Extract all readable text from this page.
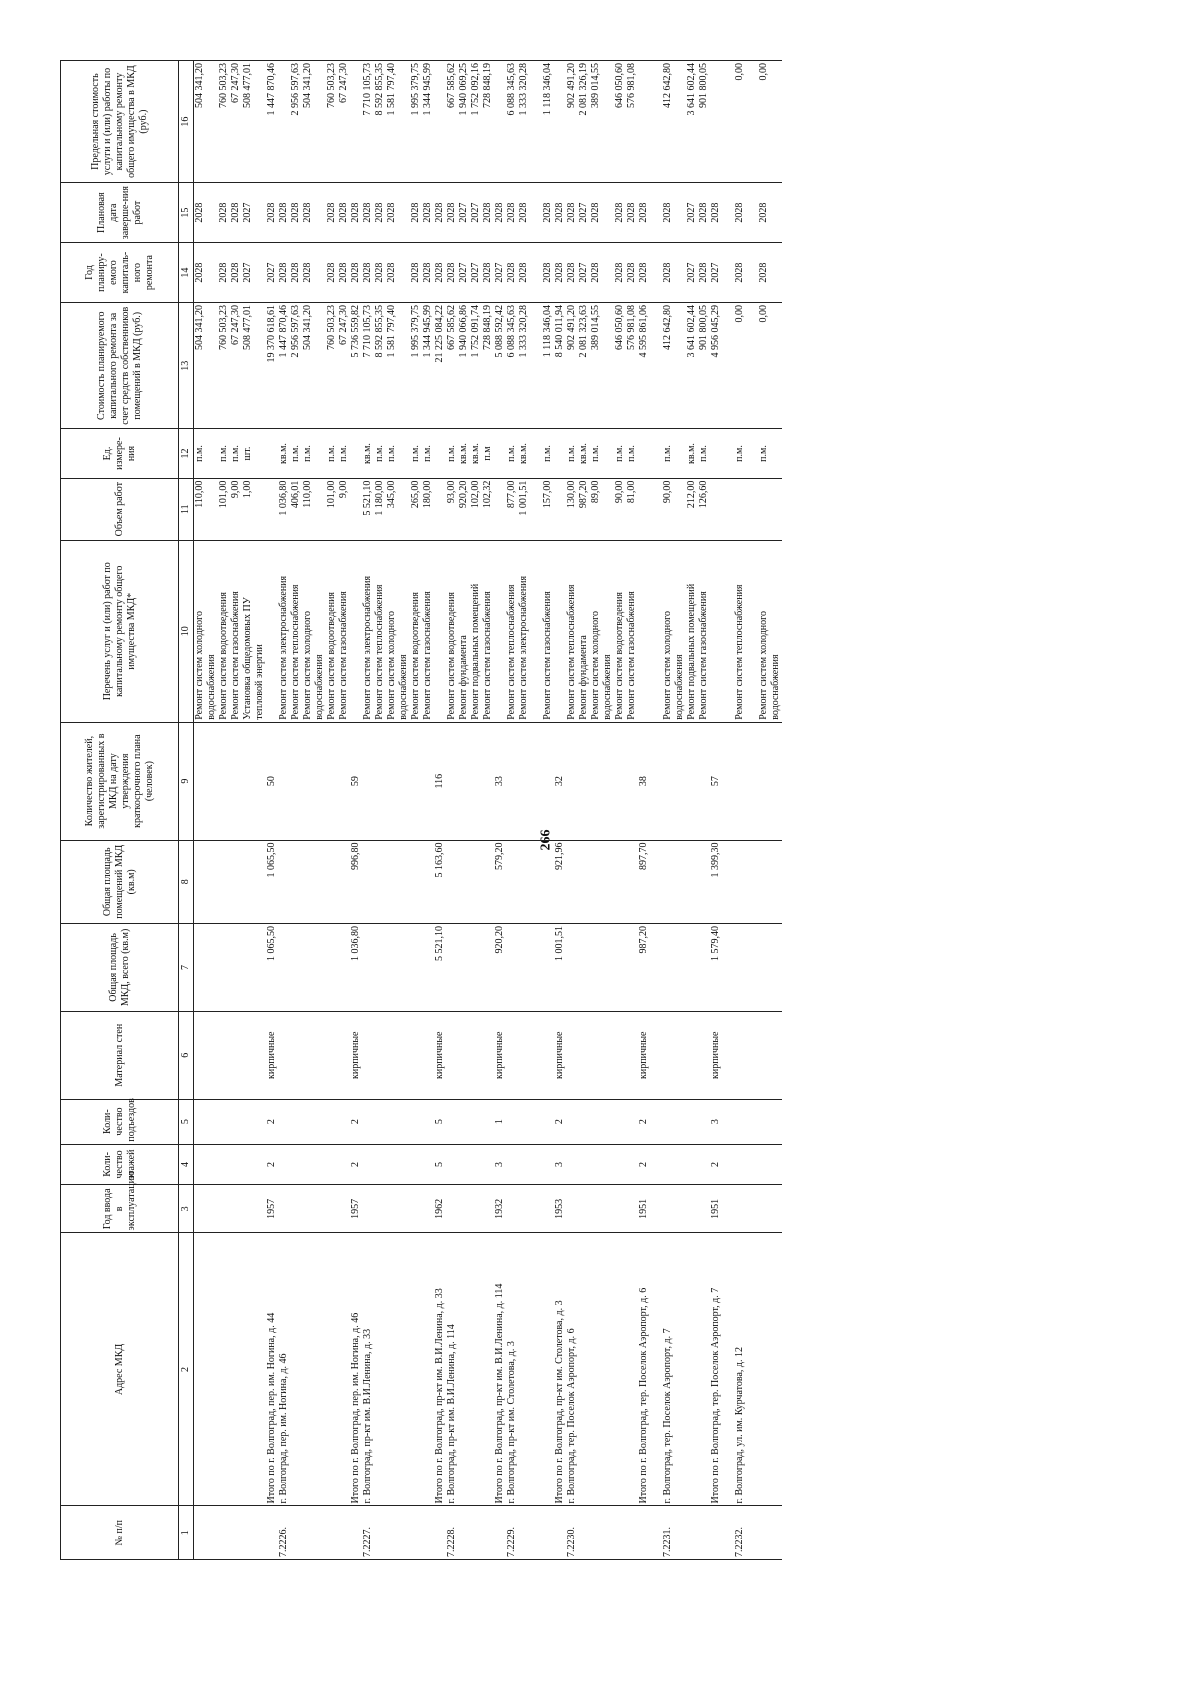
266
№ п/п	Адрес МКД	Год ввода в эксплуатацию	Коли-чество этажей	Коли-чество подъездов	Материал стен	Общая площадь МКД, всего (кв.м)	Общая площадь помещений МКД (кв.м)	Количество жителей, зарегистрированных в МКД на дату утверждения краткосрочного плана (человек)	Перечень услуг и (или) работ по капитальному ремонту общего имущества МКД*	Объем работ	Ед. измере-ния	Стоимость планируемого капитального ремонта за счет средств собственников помещений в МКД (руб.)	Год планиру-емого капиталь-ного ремонта	Плановая дата заверше-ния работ	Предельная стоимость услуги и (или) работы по капитальному ремонту общего имущества в МКД (руб.)
1	2	3	4	5	6	7	8	9	10	11	12	13	14	15	16
									Ремонт систем холодного	110,00	п.м.	504 341,20	2028	2028	504 341,20
									водоснабжения						
									Ремонт систем водоотведения	101,00	п.м.	760 503,23	2028	2028	760 503,23
									Ремонт систем газоснабжения	9,00	п.м.	67 247,30	2028	2028	67 247,30
									Установка общедомовых ПУ	1,00	шт.	508 477,01	2027	2027	508 477,01
									тепловой энергии						
	Итого по г. Волгоград, пер. им. Ногина, д. 44	1957	2	2	кирпичные	1 065,50	1 065,50	50				19 370 618,61	2027	2028	1 447 870,46
7.2226.	г. Волгоград, пер. им. Ногина, д. 46								Ремонт систем электроснабжения	1 036,80	кв.м.	1 447 870,46	2028	2028	
									Ремонт систем теплоснабжения	406,01	п.м.	2 956 597,63	2028	2028	2 956 597,63
									Ремонт систем холодного	110,00	п.м.	504 341,20	2028	2028	504 341,20
									водоснабжения						
									Ремонт систем водоотведения	101,00	п.м.	760 503,23	2028	2028	760 503,23
									Ремонт систем газоснабжения	9,00	п.м.	67 247,30	2028	2028	67 247,30
	Итого по г. Волгоград, пер. им. Ногина, д. 46	1957	2	2	кирпичные	1 036,80	996,80	59				5 736 559,82	2028	2028	
7.2227.	г. Волгоград, пр-кт им. В.И.Ленина, д. 33								Ремонт систем электроснабжения	5 521,10	кв.м.	7 710 105,73	2028	2028	7 710 105,73
									Ремонт систем теплоснабжения	1 180,00	п.м.	8 592 855,35	2028	2028	8 592 855,35
									Ремонт систем холодного	345,00	п.м.	1 581 797,40	2028	2028	1 581 797,40
									водоснабжения						
									Ремонт систем водоотведения	265,00	п.м.	1 995 379,75	2028	2028	1 995 379,75
									Ремонт систем газоснабжения	180,00	п.м.	1 344 945,99	2028	2028	1 344 945,99
	Итого по г. Волгоград, пр-кт им. В.И.Ленина, д. 33	1962	5	5	кирпичные	5 521,10	5 163,60	116				21 225 084,22	2028	2028	
7.2228.	г. Волгоград, пр-кт им. В.И.Ленина, д. 114								Ремонт систем водоотведения	93,00	п.м.	667 585,62	2028	2028	667 585,62
									Ремонт фундамента	920,20	кв.м.	1 940 066,86	2027	2027	1 940 069,25
									Ремонт подвальных помещений	102,00	кв.м.	1 752 091,74	2027	2027	1 752 092,16
									Ремонт систем газоснабжения	102,32	п.м	728 848,19	2028	2028	728 848,19
	Итого по г. Волгоград, пр-кт им. В.И.Ленина, д. 114	1932	3	1	кирпичные	920,20	579,20	33				5 088 592,42	2027	2028	
7.2229.	г. Волгоград, пр-кт им. Столетова, д. 3								Ремонт систем теплоснабжения	877,00	п.м.	6 088 345,63	2028	2028	6 088 345,63
									Ремонт систем электроснабжения	1 001,51	кв.м.	1 333 320,28	2028	2028	1 333 320,28

									Ремонт систем газоснабжения	157,00	п.м.	1 118 346,04	2028	2028	1 118 346,04
	Итого по г. Волгоград, пр-кт им. Столетова, д. 3	1953	3	2	кирпичные	1 001,51	921,96	32				8 540 011,94	2028	2028	
7.2230.	г. Волгоград, тер. Поселок Аэропорт, д. 6								Ремонт систем теплоснабжения	130,00	п.м.	902 491,20	2028	2028	902 491,20
									Ремонт фундамента	987,20	кв.м.	2 081 323,63	2027	2027	2 081 326,19
									Ремонт систем холодного	89,00	п.м.	389 014,55	2028	2028	389 014,55
									водоснабжения						
									Ремонт систем водоотведения	90,00	п.м.	646 050,60	2028	2028	646 050,60
									Ремонт систем газоснабжения	81,00	п.м.	576 981,08	2028	2028	576 981,08
	Итого по г. Волгоград, тер. Поселок Аэропорт, д. 6	1951	2	2	кирпичные	987,20	897,70	38				4 595 861,06	2028	2028	

7.2231.	г. Волгоград, тер. Поселок Аэропорт, д. 7								Ремонт систем холодного	90,00	п.м.	412 642,80	2028	2028	412 642,80
									водоснабжения						
									Ремонт подвальных помещений	212,00	кв.м.	3 641 602,44	2027	2027	3 641 602,44
									Ремонт систем газоснабжения	126,60	п.м.	901 800,05	2028	2028	901 800,05
	Итого по г. Волгоград, тер. Поселок Аэропорт, д. 7	1951	2	3	кирпичные	1 579,40	1 399,30	57				4 956 045,29	2027	2028	

7.2232.	г. Волгоград, ул. им. Курчатова, д. 12								Ремонт систем теплоснабжения		п.м.	0,00	2028	2028	0,00

									Ремонт систем холодного		п.м.	0,00	2028	2028	0,00
									водоснабжения						
